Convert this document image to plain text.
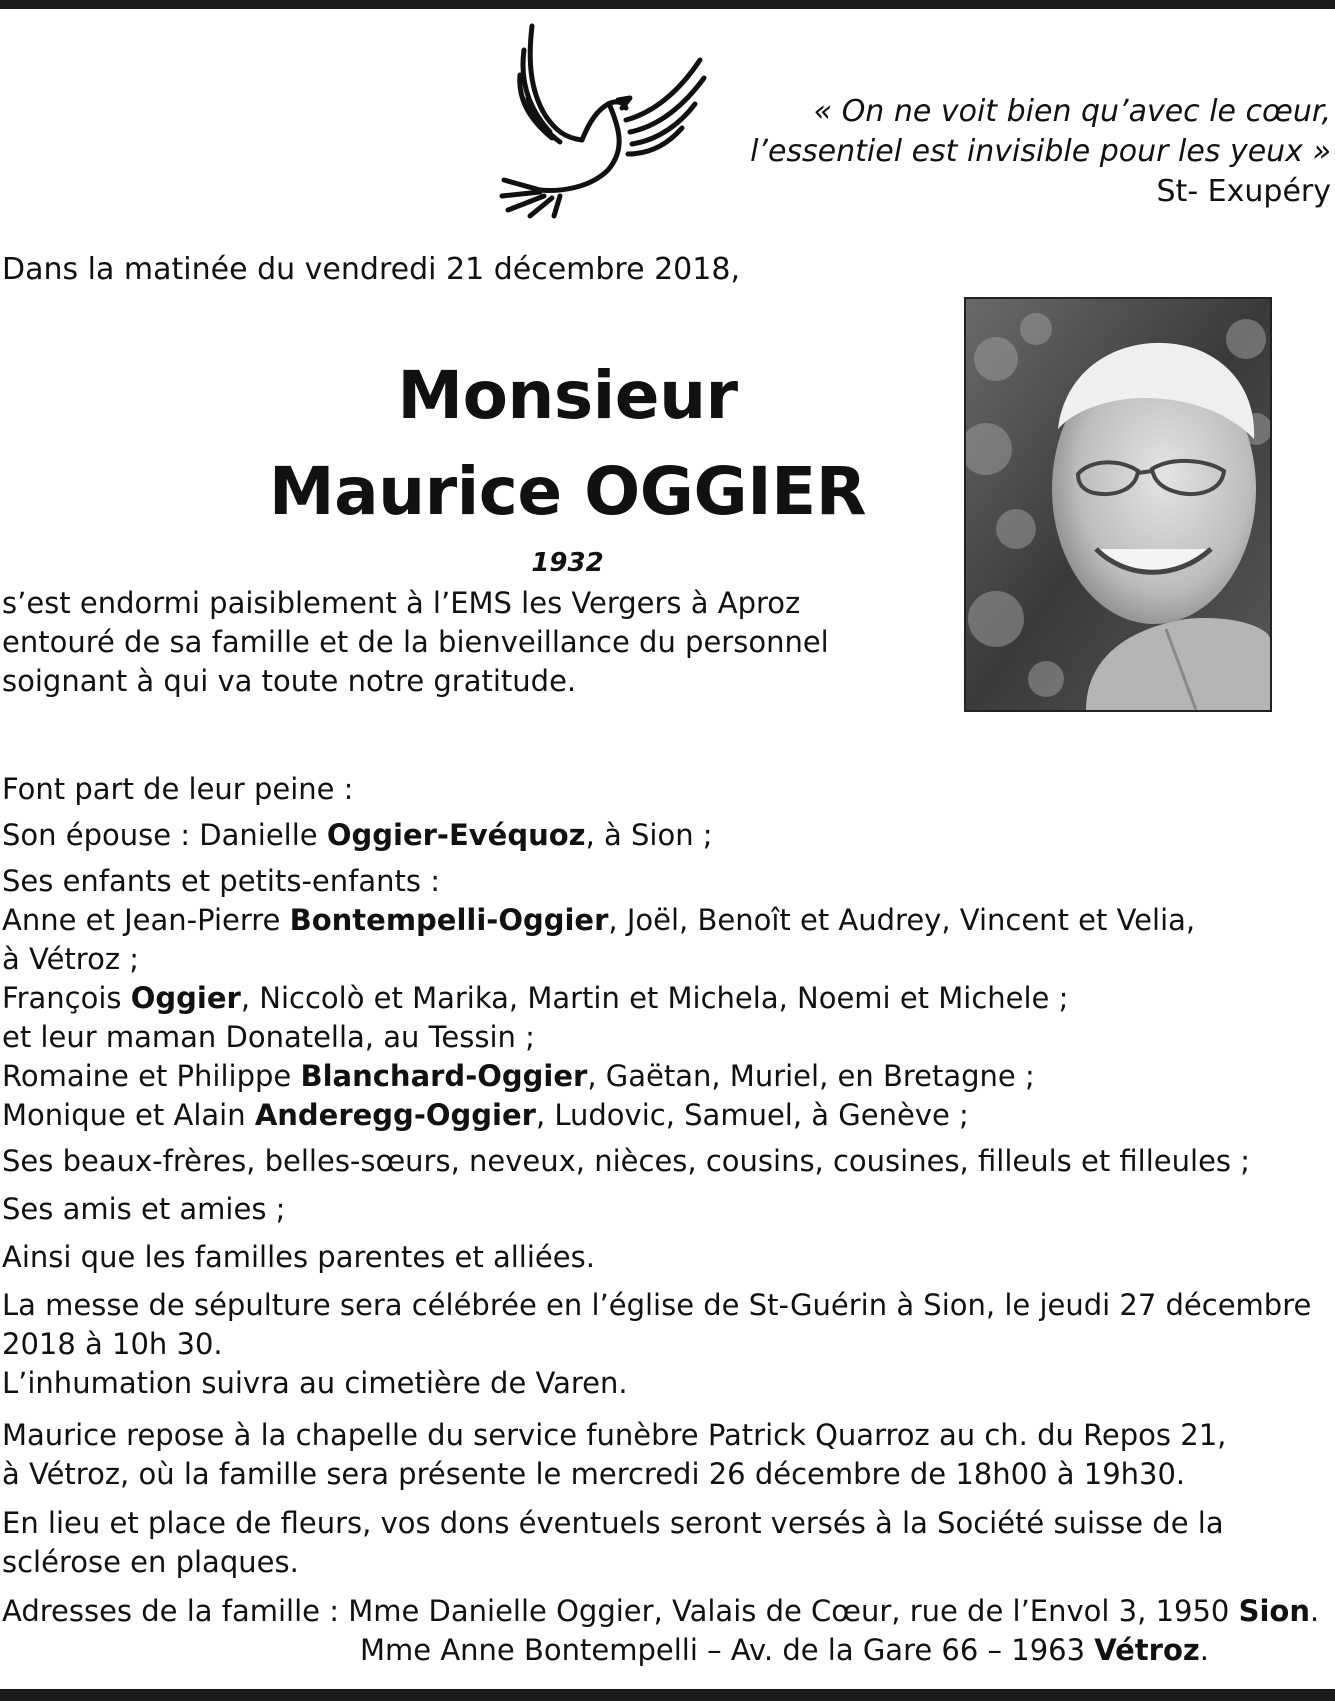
« On ne voit bien qu’avec le cœur,
l’essentiel est invisible pour les yeux »
St- Exupéry
Dans la matinée du vendredi 21 décembre 2018,
Monsieur
Maurice OGGIER
1932
s’est endormi paisiblement à l’EMS les Vergers à Aproz
entouré de sa famille et de la bienveillance du personnel
soignant à qui va toute notre gratitude.
Font part de leur peine :
Son épouse : Danielle Oggier-Evéquoz, à Sion ;
Ses enfants et petits-enfants :
Anne et Jean-Pierre Bontempelli-Oggier, Joël, Benoît et Audrey, Vincent et Velia,
à Vétroz ;
François Oggier, Niccolò et Marika, Martin et Michela, Noemi et Michele ;
et leur maman Donatella, au Tessin ;
Romaine et Philippe Blanchard-Oggier, Gaëtan, Muriel, en Bretagne ;
Monique et Alain Anderegg-Oggier, Ludovic, Samuel, à Genève ;
Ses beaux-frères, belles-sœurs, neveux, nièces, cousins, cousines, filleuls et filleules ;
Ses amis et amies ;
Ainsi que les familles parentes et alliées.
La messe de sépulture sera célébrée en l’église de St-Guérin à Sion, le jeudi 27 décembre
2018 à 10h 30.
L’inhumation suivra au cimetière de Varen.
Maurice repose à la chapelle du service funèbre Patrick Quarroz au ch. du Repos 21,
à Vétroz, où la famille sera présente le mercredi 26 décembre de 18h00 à 19h30.
En lieu et place de fleurs, vos dons éventuels seront versés à la Société suisse de la
sclérose en plaques.
Adresses de la famille : Mme Danielle Oggier, Valais de Cœur, rue de l’Envol 3, 1950 Sion.
Mme Anne Bontempelli – Av. de la Gare 66 – 1963 Vétroz.
